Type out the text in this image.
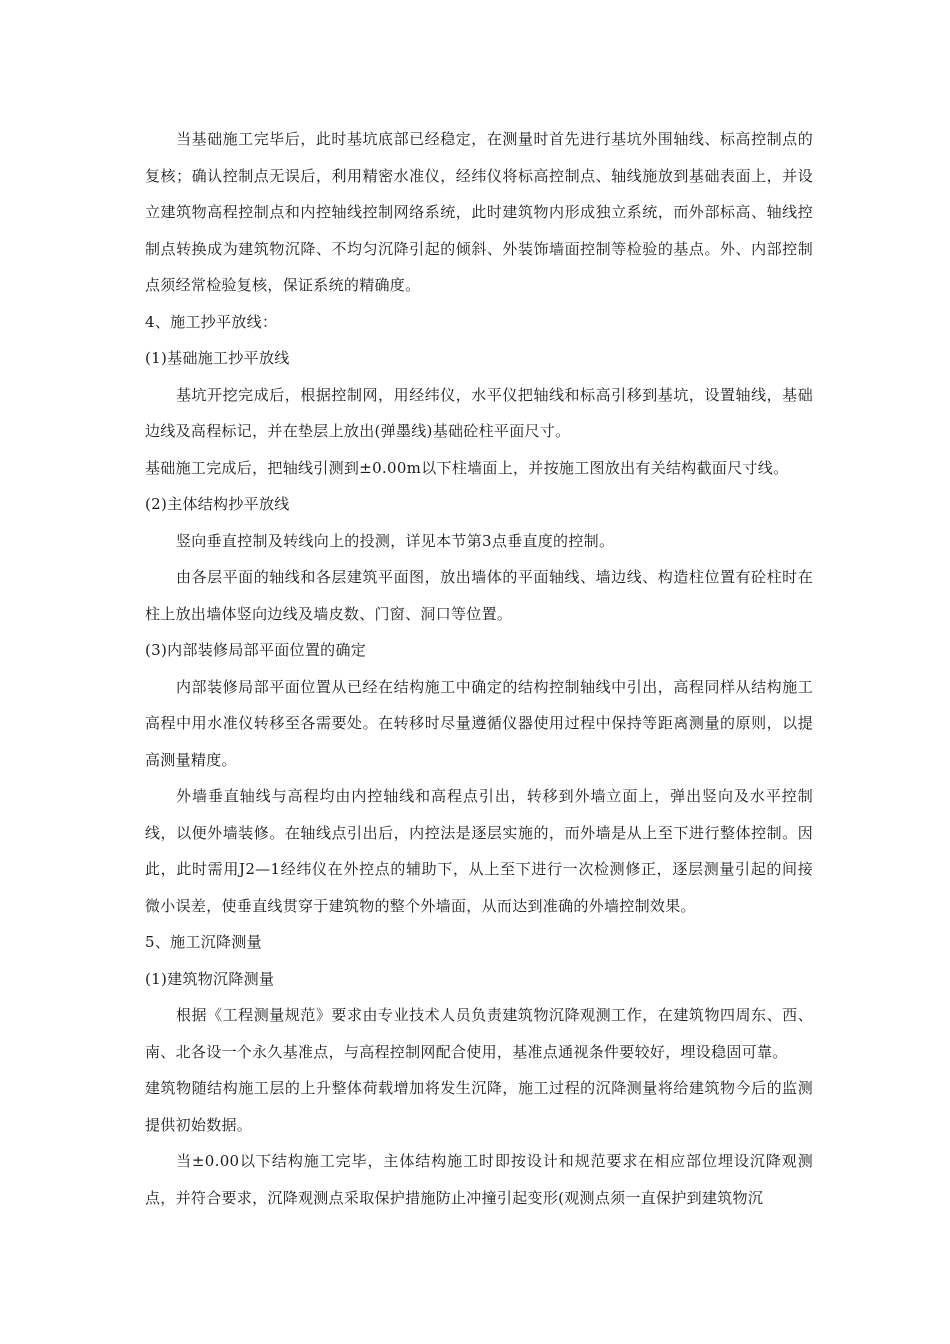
当基础施工完毕后，此时基坑底部已经稳定，在测量时首先进行基坑外围轴线、标高控制点的复核；确认控制点无误后，利用精密水准仪，经纬仪将标高控制点、轴线施放到基础表面上，并设立建筑物高程控制点和内控轴线控制网络系统，此时建筑物内形成独立系统，而外部标高、轴线控制点转换成为建筑物沉降、不均匀沉降引起的倾斜、外装饰墙面控制等检验的基点。外、内部控制点须经常检验复核，保证系统的精确度。

4、施工抄平放线：

(1)基础施工抄平放线

基坑开挖完成后，根据控制网，用经纬仪，水平仪把轴线和标高引移到基坑，设置轴线，基础边线及高程标记，并在垫层上放出(弹墨线)基础砼柱平面尺寸。

基础施工完成后，把轴线引测到±0.00m以下柱墙面上，并按施工图放出有关结构截面尺寸线。

(2)主体结构抄平放线

竖向垂直控制及转线向上的投测，详见本节第3点垂直度的控制。

由各层平面的轴线和各层建筑平面图，放出墙体的平面轴线、墙边线、构造柱位置有砼柱时在柱上放出墙体竖向边线及墙皮数、门窗、洞口等位置。

(3)内部装修局部平面位置的确定

内部装修局部平面位置从已经在结构施工中确定的结构控制轴线中引出，高程同样从结构施工高程中用水准仪转移至各需要处。在转移时尽量遵循仪器使用过程中保持等距离测量的原则，以提高测量精度。

外墙垂直轴线与高程均由内控轴线和高程点引出，转移到外墙立面上，弹出竖向及水平控制线，以便外墙装修。在轴线点引出后，内控法是逐层实施的，而外墙是从上至下进行整体控制。因此，此时需用J2—1经纬仪在外控点的辅助下，从上至下进行一次检测修正，逐层测量引起的间接微小误差，使垂直线贯穿于建筑物的整个外墙面，从而达到准确的外墙控制效果。

5、施工沉降测量

(1)建筑物沉降测量

根据《工程测量规范》要求由专业技术人员负责建筑物沉降观测工作，在建筑物四周东、西、南、北各设一个永久基准点，与高程控制网配合使用，基准点通视条件要较好，埋设稳固可靠。

建筑物随结构施工层的上升整体荷载增加将发生沉降，施工过程的沉降测量将给建筑物今后的监测提供初始数据。

当±0.00以下结构施工完毕，主体结构施工时即按设计和规范要求在相应部位埋设沉降观测点，并符合要求，沉降观测点采取保护措施防止冲撞引起变形(观测点须一直保护到建筑物沉
